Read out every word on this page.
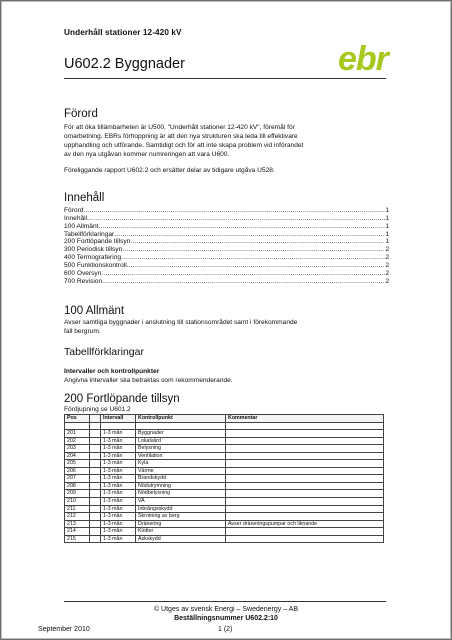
Underhåll stationer 12-420 kV
U602.2 Byggnader	ebr
Förord
För att öka tillämbarheten är U500, "Underhåll stationer 12-420 kV", föremål för
omarbetning. EBRs förhoppning är att den nya strukturen ska leda till effektivare
upphandling och utförande. Samtidigt och för att inte skapa problem vid införandet
av den nya utgåvan kommer numreringen att vara U600.
Föreliggande rapport U602.2 och ersätter delar av tidigare utgåva U528.
Innehåll
Förord .....	1
Innehåll .....	1
100 Allmänt .....	1
Tabellförklaringar .....	1
200 Fortlöpande tillsyn .....	1
300 Periodisk tillsyn .....	2
400 Termografering .....	2
500 Funktionskontroll .....	2
600 Översyn .....	2
700 Revision .....	2
100 Allmänt
Avser samtliga byggnader i anslutning till stationsområdet samt i förekommande
fall bergrum.
Tabellförklaringar
Intervaller och kontrollpunkter
Angivna intervaller ska betraktas som rekommenderande.
200 Fortlöpande tillsyn
Fördjupning se U601.2
Pos		Intervall	Kontrollpunkt	Kommentar

201		1-3 mån	Byggnader	
202		1-3 mån	Lokalvård	
203		1-3 mån	Belysning	
204		1-3 mån	Ventilation	
205		1-3 mån	Kyla	
206		1-3 mån	Värme	
207		1-3 mån	Brandskydd	
208		1-3 mån	Nödutrymning	
209		1-3 mån	Nödbelysning	
210		1-3 mån	VA	
211		1-3 mån	Inbrångsskydd	
212		1-3 mån	Skrotning av berg	
213		1-3 mån	Dränering	Avser dräneringspumpar och liknande
214		1-3 mån	Klotter	
215		1-3 mån	Åskskydd	
© Utges av svensk Energi – Swedenergy – AB
Beställningsnummer U602.2:10
September 2010	1 (2)
